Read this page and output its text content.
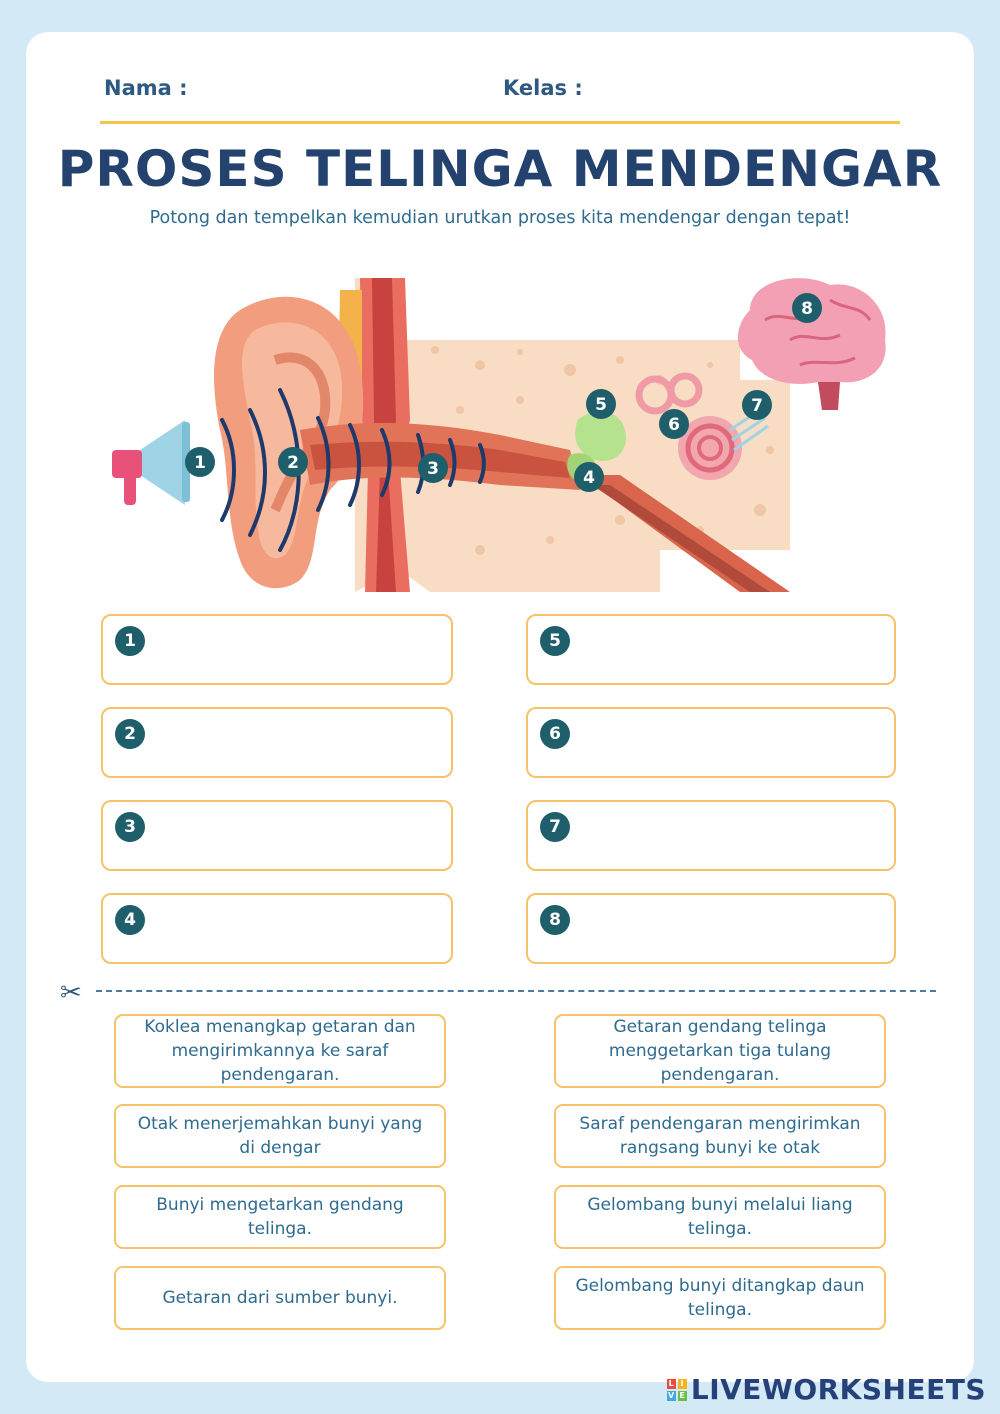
Nama :	Kelas :
PROSES TELINGA MENDENGAR
Potong dan tempelkan kemudian urutkan proses kita mendengar dengan tepat!
1	2	3	4
5
6
7
8
1
2
3
4
5
6
7
8
✂
Koklea menangkap getaran dan mengirimkannya ke saraf pendengaran.
Getaran gendang telinga menggetarkan tiga tulang pendengaran.
Otak menerjemahkan bunyi yang di dengar
Saraf pendengaran mengirimkan rangsang bunyi ke otak
Bunyi mengetarkan gendang telinga.
Gelombang bunyi melalui liang telinga.
Getaran dari sumber bunyi.
Gelombang bunyi ditangkap daun telinga.
L I
V E LIVEWORKSHEETS
